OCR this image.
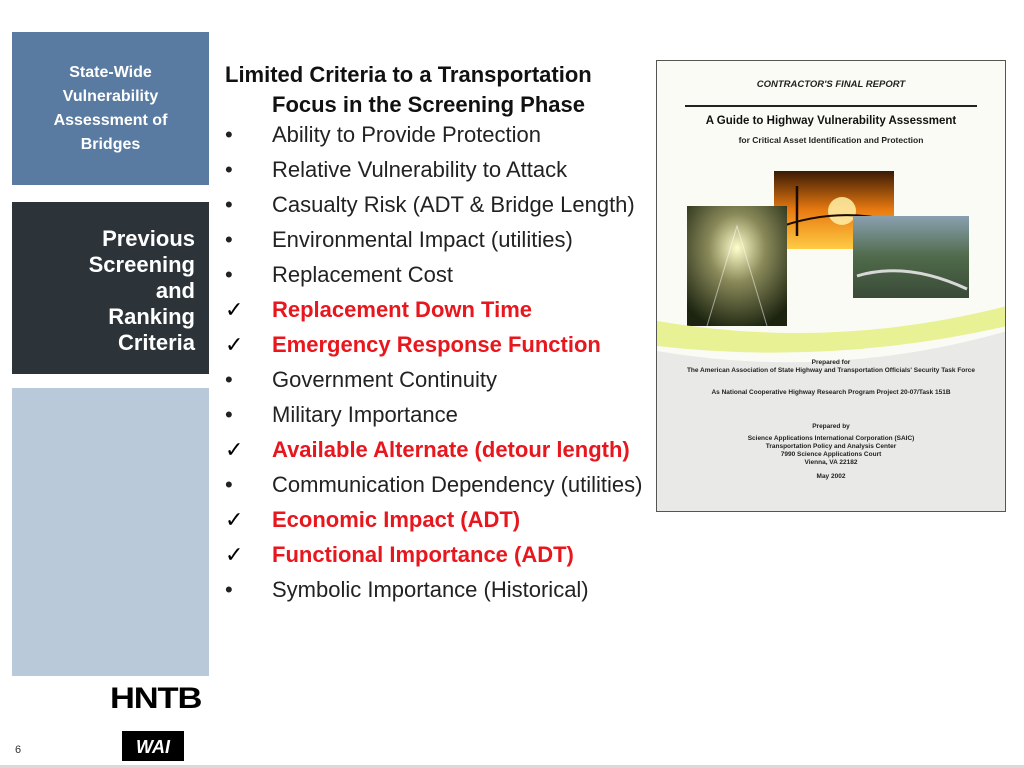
State-Wide Vulnerability Assessment of Bridges
Previous
Screening
and
Ranking
Criteria
Limited Criteria to a Transportation
Focus in the Screening Phase
•	Ability to Provide Protection
•	Relative Vulnerability to Attack
•	Casualty Risk (ADT & Bridge Length)
•	Environmental Impact (utilities)
•	Replacement Cost
✓ Replacement Down Time
✓ Emergency Response Function
•	Government Continuity
•	Military Importance
✓ Available Alternate (detour length)
•	Communication Dependency (utilities)
✓ Economic Impact (ADT)
✓ Functional Importance (ADT)
•	Symbolic Importance (Historical)
CONTRACTOR'S FINAL REPORT
A Guide to Highway Vulnerability Assessment
for Critical Asset Identification and Protection
Prepared for
The American Association of State Highway and Transportation Officials' Security Task Force
As National Cooperative Highway Research Program Project 20-07/Task 151B
Prepared by
Science Applications International Corporation (SAIC)
Transportation Policy and Analysis Center
7990 Science Applications Court
Vienna, VA 22182
May 2002
HNTB
WAI
6
